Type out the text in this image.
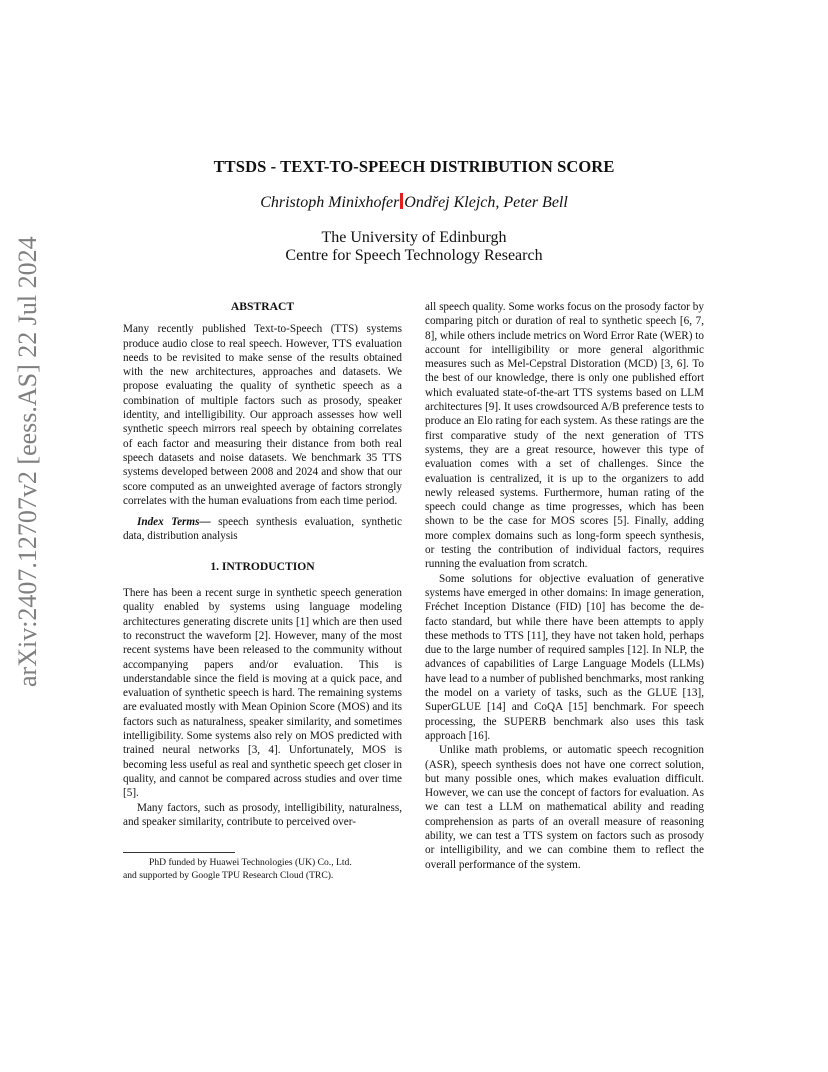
arXiv:2407.12707v2 [eess.AS] 22 Jul 2024
TTSDS - TEXT-TO-SPEECH DISTRIBUTION SCORE
Christoph Minixhofer Ondřej Klejch, Peter Bell
The University of Edinburgh
Centre for Speech Technology Research
ABSTRACT

Many recently published Text-to-Speech (TTS) systems produce audio close to real speech. However, TTS evaluation needs to be revisited to make sense of the results obtained with the new architectures, approaches and datasets. We propose evaluating the quality of synthetic speech as a combination of multiple factors such as prosody, speaker identity, and intelligibility. Our approach assesses how well synthetic speech mirrors real speech by obtaining correlates of each factor and measuring their distance from both real speech datasets and noise datasets. We benchmark 35 TTS systems developed between 2008 and 2024 and show that our score computed as an unweighted average of factors strongly correlates with the human evaluations from each time period.

Index Terms— speech synthesis evaluation, synthetic data, distribution analysis

1. INTRODUCTION

There has been a recent surge in synthetic speech generation quality enabled by systems using language modeling architectures generating discrete units [1] which are then used to reconstruct the waveform [2]. However, many of the most recent systems have been released to the community without accompanying papers and/or evaluation. This is understandable since the field is moving at a quick pace, and evaluation of synthetic speech is hard. The remaining systems are evaluated mostly with Mean Opinion Score (MOS) and its factors such as naturalness, speaker similarity, and sometimes intelligibility. Some systems also rely on MOS predicted with trained neural networks [3, 4]. Unfortunately, MOS is becoming less useful as real and synthetic speech get closer in quality, and cannot be compared across studies and over time [5].

Many factors, such as prosody, intelligibility, naturalness, and speaker similarity, contribute to perceived over-

PhD funded by Huawei Technologies (UK) Co., Ltd.
and supported by Google TPU Research Cloud (TRC).

all speech quality. Some works focus on the prosody factor by comparing pitch or duration of real to synthetic speech [6, 7, 8], while others include metrics on Word Error Rate (WER) to account for intelligibility or more general algorithmic measures such as Mel-Cepstral Distoration (MCD) [3, 6]. To the best of our knowledge, there is only one published effort which evaluated state-of-the-art TTS systems based on LLM architectures [9]. It uses crowdsourced A/B preference tests to produce an Elo rating for each system. As these ratings are the first comparative study of the next generation of TTS systems, they are a great resource, however this type of evaluation comes with a set of challenges. Since the evaluation is centralized, it is up to the organizers to add newly released systems. Furthermore, human rating of the speech could change as time progresses, which has been shown to be the case for MOS scores [5]. Finally, adding more complex domains such as long-form speech synthesis, or testing the contribution of individual factors, requires running the evaluation from scratch.

Some solutions for objective evaluation of generative systems have emerged in other domains: In image generation, Fréchet Inception Distance (FID) [10] has become the de-facto standard, but while there have been attempts to apply these methods to TTS [11], they have not taken hold, perhaps due to the large number of required samples [12]. In NLP, the advances of capabilities of Large Language Models (LLMs) have lead to a number of published benchmarks, most ranking the model on a variety of tasks, such as the GLUE [13], SuperGLUE [14] and CoQA [15] benchmark. For speech processing, the SUPERB benchmark also uses this task approach [16].

Unlike math problems, or automatic speech recognition (ASR), speech synthesis does not have one correct solution, but many possible ones, which makes evaluation difficult. However, we can use the concept of factors for evaluation. As we can test a LLM on mathematical ability and reading comprehension as parts of an overall measure of reasoning ability, we can test a TTS system on factors such as prosody or intelligibility, and we can combine them to reflect the overall performance of the system.
